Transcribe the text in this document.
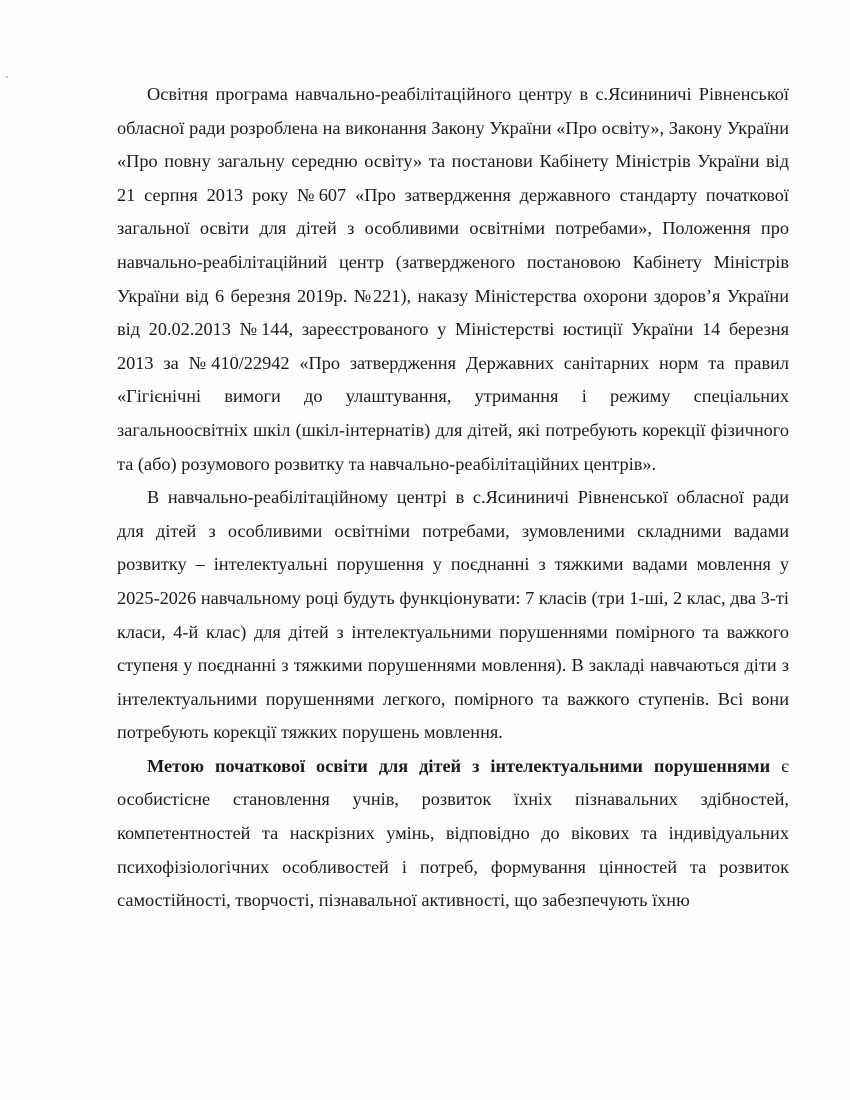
Освітня програма навчально-реабілітаційного центру в с.Ясининичі Рівненської обласної ради розроблена на виконання Закону України «Про освіту», Закону України «Про повну загальну середню освіту» та постанови Кабінету Міністрів України від 21 серпня 2013 року №607 «Про затвердження державного стандарту початкової загальної освіти для дітей з особливими освітніми потребами», Положення про навчально-реабілітаційний центр (затвердженого постановою Кабінету Міністрів України від 6 березня 2019р. №221), наказу Міністерства охорони здоров’я України від 20.02.2013 №144, зареєстрованого у Міністерстві юстиції України 14 березня 2013 за №410/22942 «Про затвердження Державних санітарних норм та правил «Гігієнічні вимоги до улаштування, утримання і режиму спеціальних загальноосвітніх шкіл (шкіл-інтернатів) для дітей, які потребують корекції фізичного та (або) розумового розвитку та навчально-реабілітаційних центрів».

В навчально-реабілітаційному центрі в с.Ясининичі Рівненської обласної ради для дітей з особливими освітніми потребами, зумовленими складними вадами розвитку – інтелектуальні порушення у поєднанні з тяжкими вадами мовлення у 2025-2026 навчальному році будуть функціонувати: 7 класів (три 1-ші, 2 клас, два 3-ті класи, 4-й клас) для дітей з інтелектуальними порушеннями помірного та важкого ступеня у поєднанні з тяжкими порушеннями мовлення). В закладі навчаються діти з інтелектуальними порушеннями легкого, помірного та важкого ступенів. Всі вони потребують корекції тяжких порушень мовлення.

Метою початкової освіти для дітей з інтелектуальними порушеннями є особистісне становлення учнів, розвиток їхніх пізнавальних здібностей, компетентностей та наскрізних умінь, відповідно до вікових та індивідуальних психофізіологічних особливостей і потреб, формування цінностей та розвиток самостійності, творчості, пізнавальної активності, що забезпечують їхню
